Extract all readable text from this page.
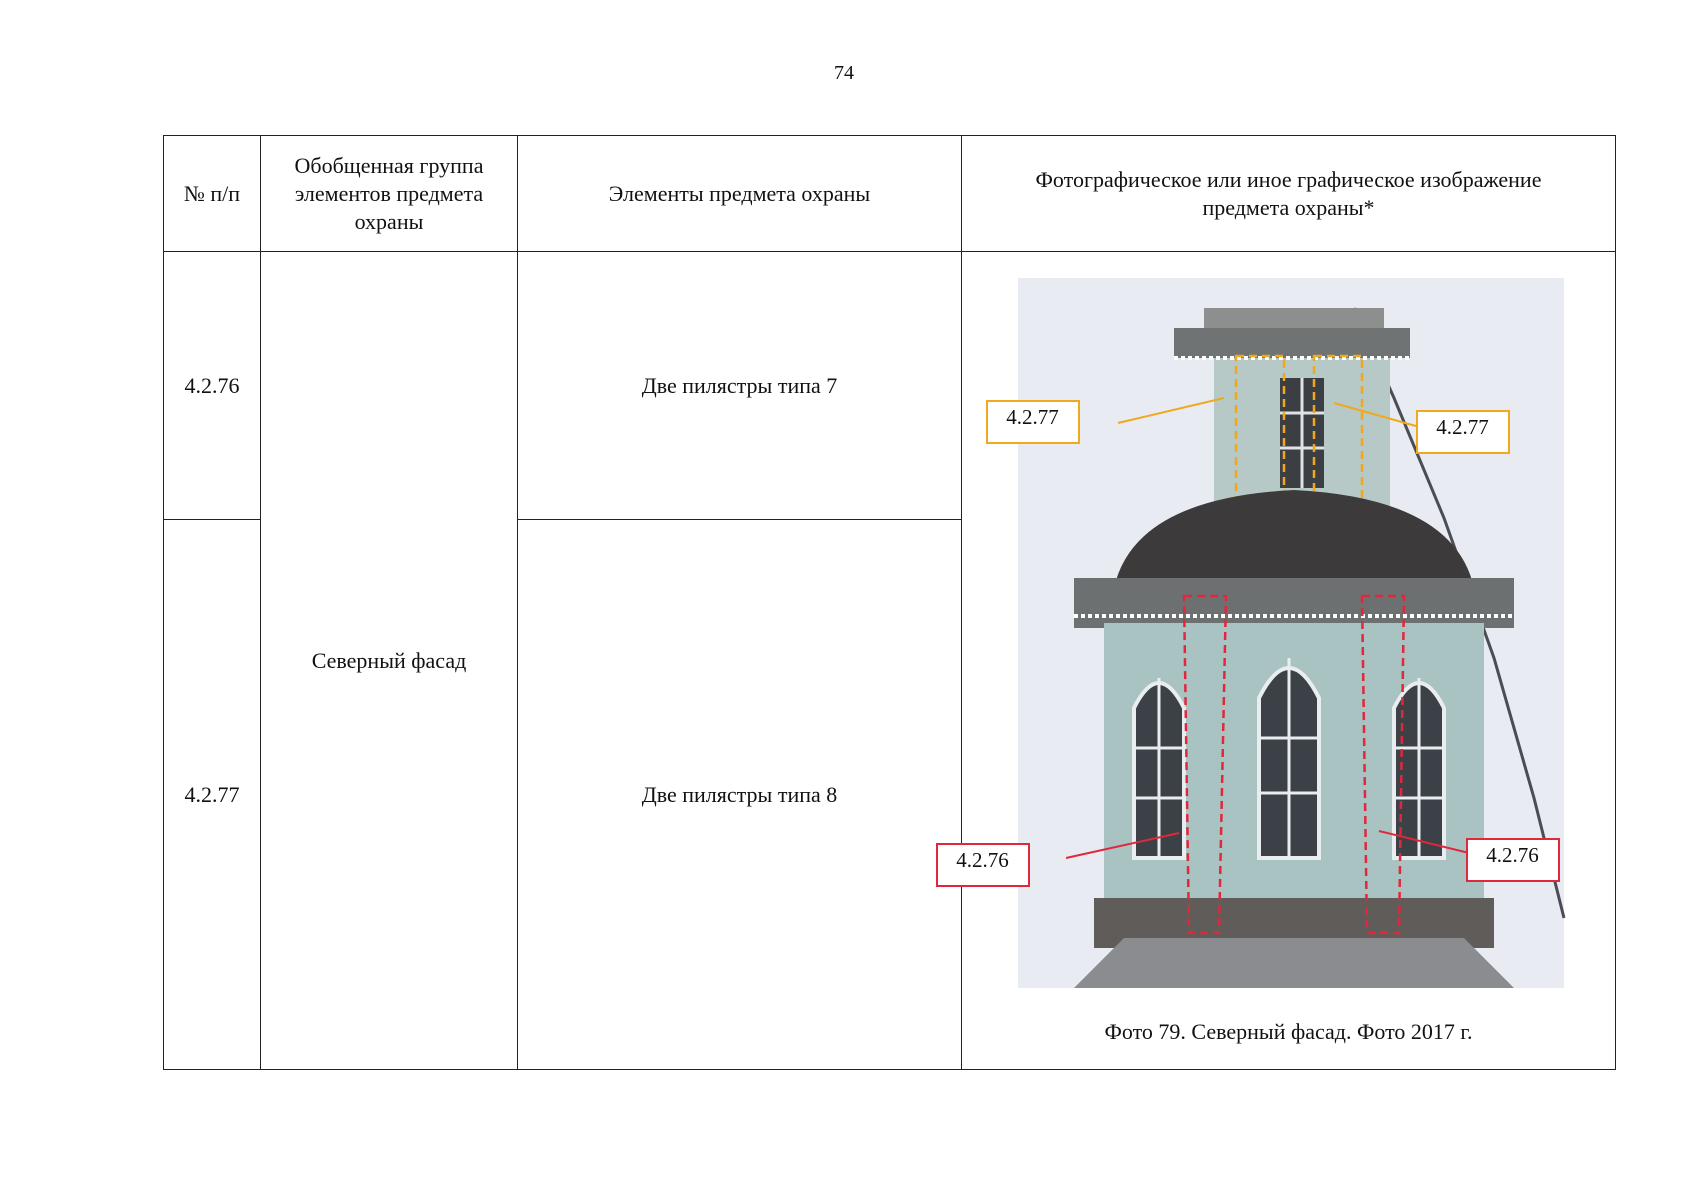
74
№ п/п	Обобщенная группа элементов предмета охраны	Элементы предмета охраны	Фотографическое или иное графическое изображение предмета охраны*

4.2.76	Северный фасад	Две пилястры типа 7	4.2.77 4.2.77
4.2.76 4.2.76
Фото 79. Северный фасад. Фото 2017 г.

4.2.77		Две пилястры типа 8	
